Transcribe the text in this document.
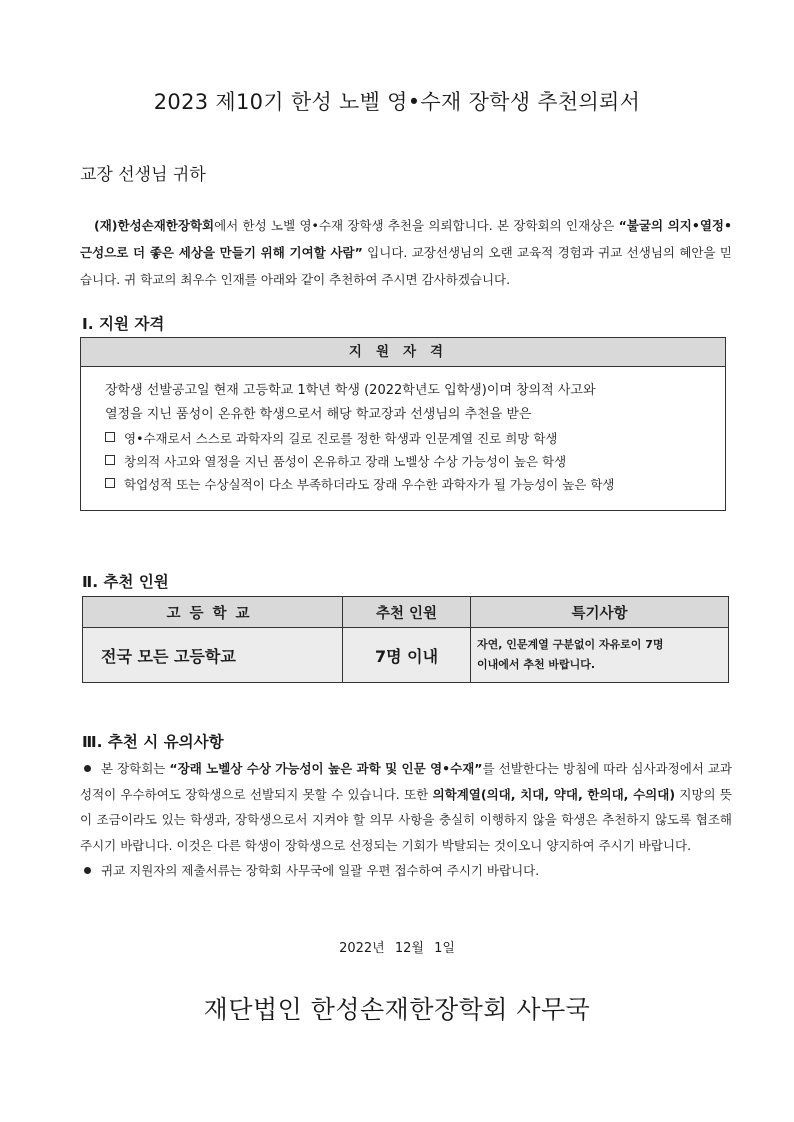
2023 제10기 한성 노벨 영•수재 장학생 추천의뢰서
교장 선생님 귀하
(재)한성손재한장학회에서 한성 노벨 영•수재 장학생 추천을 의뢰합니다. 본 장학회의 인재상은 “불굴의 의지•열정•근성으로 더 좋은 세상을 만들기 위해 기여할 사람” 입니다. 교장선생님의 오랜 교육적 경험과 귀교 선생님의 혜안을 믿습니다. 귀 학교의 최우수 인재를 아래와 같이 추천하여 주시면 감사하겠습니다.
Ⅰ. 지원 자격
지원자격
장학생 선발공고일 현재 고등학교 1학년 학생 (2022학년도 입학생)이며 창의적 사고와
열정을 지닌 품성이 온유한 학생으로서 해당 학교장과 선생님의 추천을 받은
영•수재로서 스스로 과학자의 길로 진로를 정한 학생과 인문계열 진로 희망 학생
창의적 사고와 열정을 지닌 품성이 온유하고 장래 노벨상 수상 가능성이 높은 학생
학업성적 또는 수상실적이 다소 부족하더라도 장래 우수한 과학자가 될 가능성이 높은 학생
Ⅱ. 추천 인원
고등학교	추천 인원	특기사항
전국 모든 고등학교	7명 이내	자연, 인문계열 구분없이 자유로이 7명
이내에서 추천 바랍니다.
Ⅲ. 추천 시 유의사항
본 장학회는 “장래 노벨상 수상 가능성이 높은 과학 및 인문 영•수재”를 선발한다는 방침에 따라 심사과정에서 교과 성적이 우수하여도 장학생으로 선발되지 못할 수 있습니다. 또한 의학계열(의대, 치대, 약대, 한의대, 수의대) 지망의 뜻이 조금이라도 있는 학생과, 장학생으로서 지켜야 할 의무 사항을 충실히 이행하지 않을 학생은 추천하지 않도록 협조해 주시기 바랍니다. 이것은 다른 학생이 장학생으로 선정되는 기회가 박탈되는 것이오니 양지하여 주시기 바랍니다.
귀교 지원자의 제출서류는 장학회 사무국에 일괄 우편 접수하여 주시기 바랍니다.
2022년 12월 1일
재단법인 한성손재한장학회 사무국
